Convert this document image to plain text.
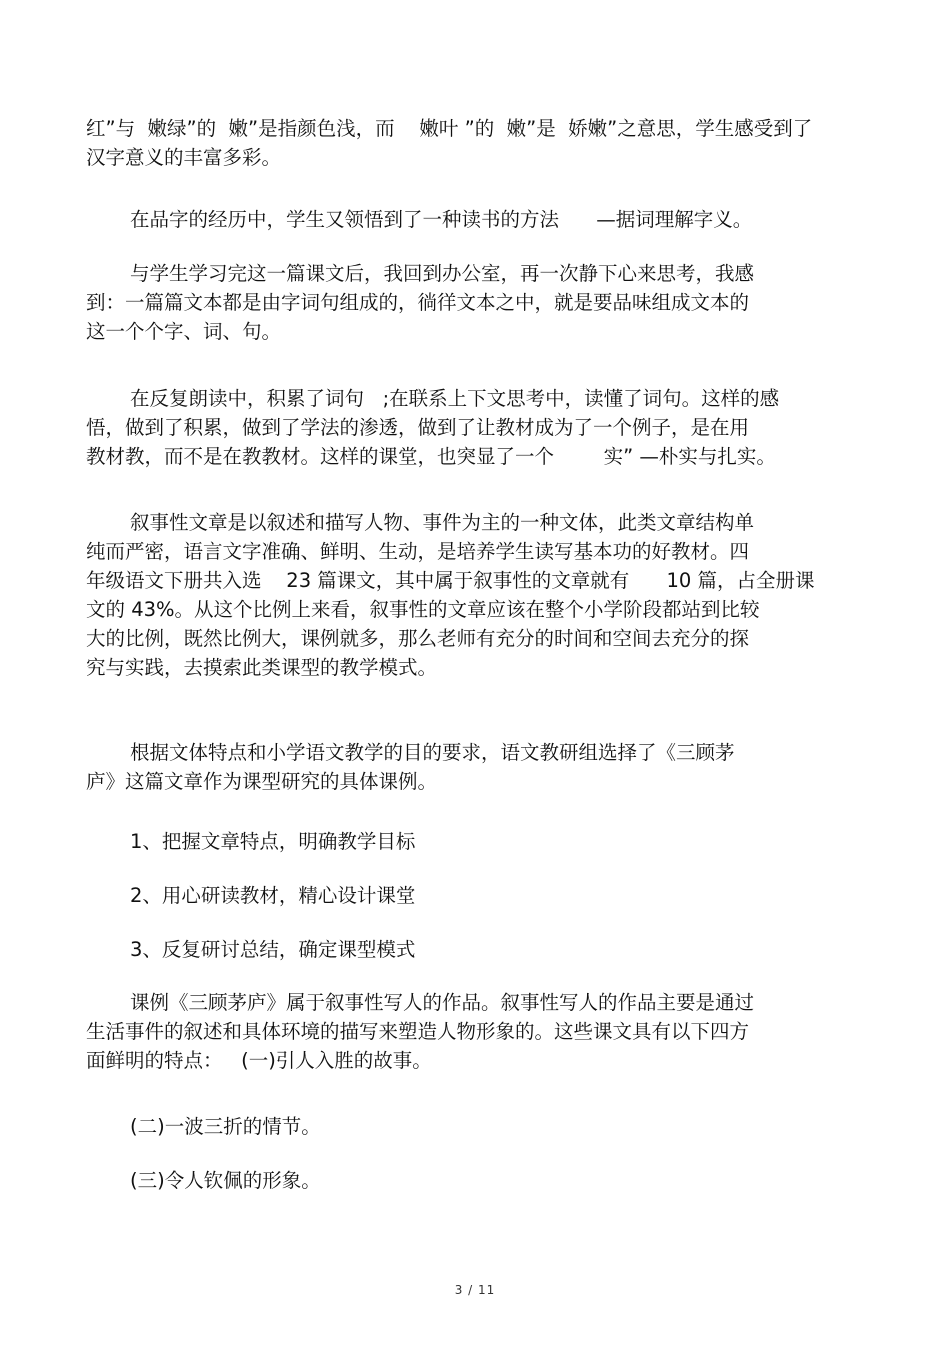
红”与  嫩绿”的  嫩”是指颜色浅，而    嫩叶 ”的  嫩”是  娇嫩”之意思，学生感受到了
汉字意义的丰富多彩。

在品字的经历中，学生又领悟到了一种读书的方法      —据词理解字义。

与学生学习完这一篇课文后，我回到办公室，再一次静下心来思考，我感
到：一篇篇文本都是由字词句组成的，徜徉文本之中，就是要品味组成文本的
这一个个字、词、句。

在反复朗读中，积累了词句   ;在联系上下文思考中，读懂了词句。这样的感
悟，做到了积累，做到了学法的渗透，做到了让教材成为了一个例子，是在用
教材教，而不是在教教材。这样的课堂，也突显了一个        实” —朴实与扎实。

叙事性文章是以叙述和描写人物、事件为主的一种文体，此类文章结构单
纯而严密，语言文字准确、鲜明、生动，是培养学生读写基本功的好教材。四
年级语文下册共入选    23 篇课文，其中属于叙事性的文章就有      10 篇，占全册课
文的 43%。从这个比例上来看，叙事性的文章应该在整个小学阶段都站到比较
大的比例，既然比例大，课例就多，那么老师有充分的时间和空间去充分的探
究与实践，去摸索此类课型的教学模式。

根据文体特点和小学语文教学的目的要求，语文教研组选择了《三顾茅
庐》这篇文章作为课型研究的具体课例。

1、把握文章特点，明确教学目标

2、用心研读教材，精心设计课堂

3、反复研讨总结，确定课型模式

课例《三顾茅庐》属于叙事性写人的作品。叙事性写人的作品主要是通过
生活事件的叙述和具体环境的描写来塑造人物形象的。这些课文具有以下四方
面鲜明的特点：   (一)引人入胜的故事。

(二)一波三折的情节。

(三)令人钦佩的形象。

3 / 11
